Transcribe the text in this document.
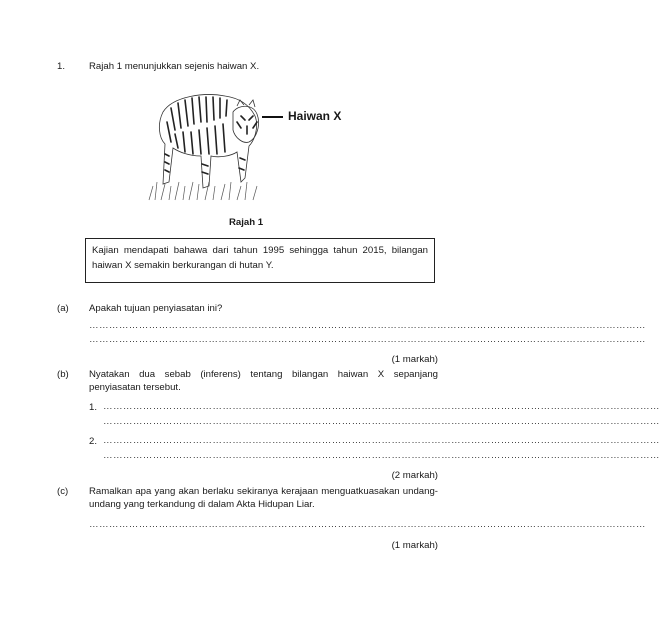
1. Rajah 1 menunjukkan sejenis haiwan X.
Haiwan X
Rajah 1
Kajian mendapati bahawa dari tahun 1995 sehingga tahun 2015, bilangan
haiwan X semakin berkurangan di hutan Y.
(a) Apakah tujuan penyiasatan ini?
……………………………………………………………………………………………………………………………………………………
……………………………………………………………………………………………………………………………………………………
(1 markah)
(b) Nyatakan dua sebab (inferens) tentang bilangan haiwan X sepanjang
penyiasatan tersebut.
1. ……………………………………………………………………………………………………………………………………………………
……………………………………………………………………………………………………………………………………………………
2. ……………………………………………………………………………………………………………………………………………………
……………………………………………………………………………………………………………………………………………………
(2 markah)
(c) Ramalkan apa yang akan berlaku sekiranya kerajaan menguatkuasakan undang-
undang yang terkandung di dalam Akta Hidupan Liar.
……………………………………………………………………………………………………………………………………………………
(1 markah)
